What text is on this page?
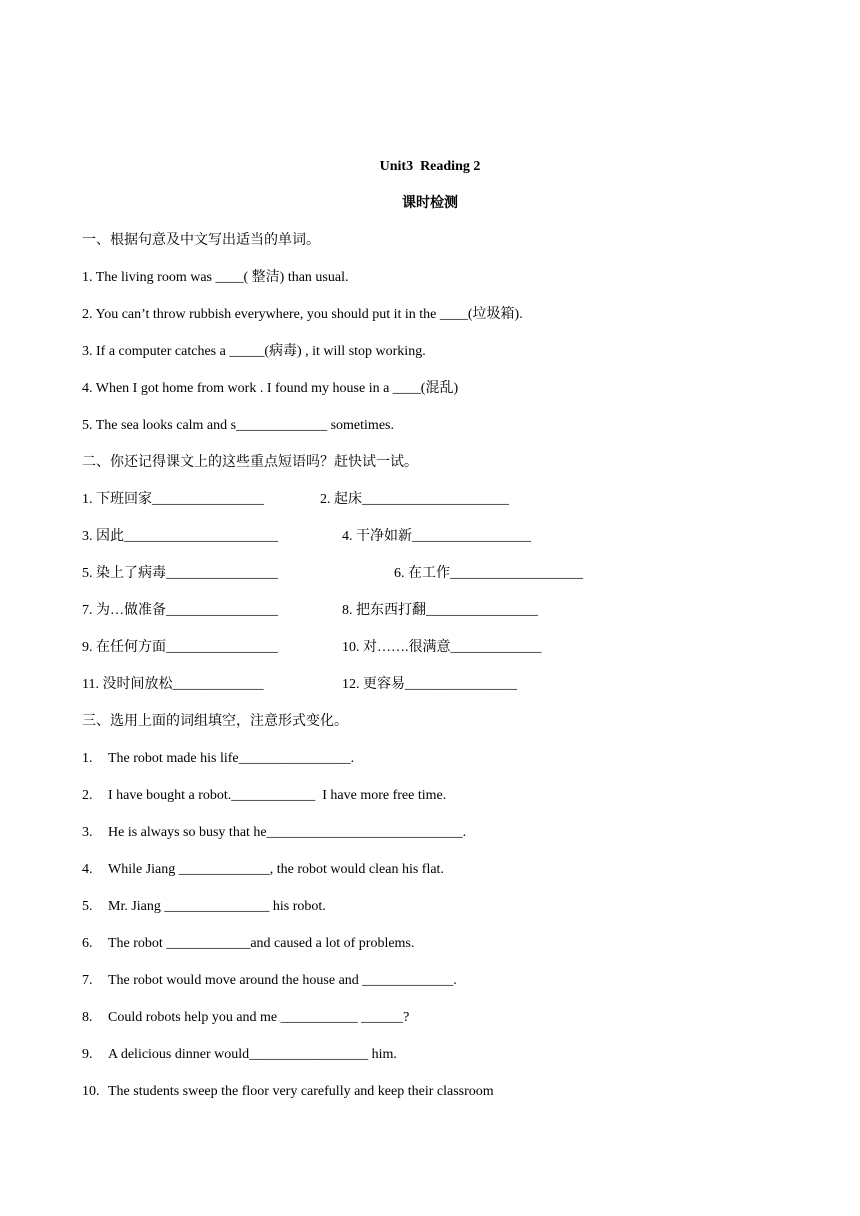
Unit3  Reading 2
课时检测
一、根据句意及中文写出适当的单词。
1. The living room was ____( 整洁) than usual.
2. You can’t throw rubbish everywhere, you should put it in the ____(垃圾箱).
3. If a computer catches a _____(病毒) , it will stop working.
4. When I got home from work . I found my house in a ____(混乱)
5. The sea looks calm and s_____________ sometimes.
二、你还记得课文上的这些重点短语吗？赶快试一试。
1. 下班回家________________	2. 起床_____________________
3. 因此______________________	4. 干净如新_________________
5. 染上了病毒________________	6. 在工作___________________
7. 为…做准备________________	8. 把东西打翻________________
9. 在任何方面________________	10. 对…….很满意_____________
11. 没时间放松_____________	12. 更容易________________
三、选用上面的词组填空，注意形式变化。
1. The robot made his life________________.
2. I have bought a robot.____________  I have more free time.
3. He is always so busy that he____________________________.
4. While Jiang _____________, the robot would clean his flat.
5. Mr. Jiang _______________ his robot.
6. The robot ____________and caused a lot of problems.
7. The robot would move around the house and _____________.
8. Could robots help you and me ___________ ______?
9. A delicious dinner would_________________ him.
10. The students sweep the floor very carefully and keep their classroom
